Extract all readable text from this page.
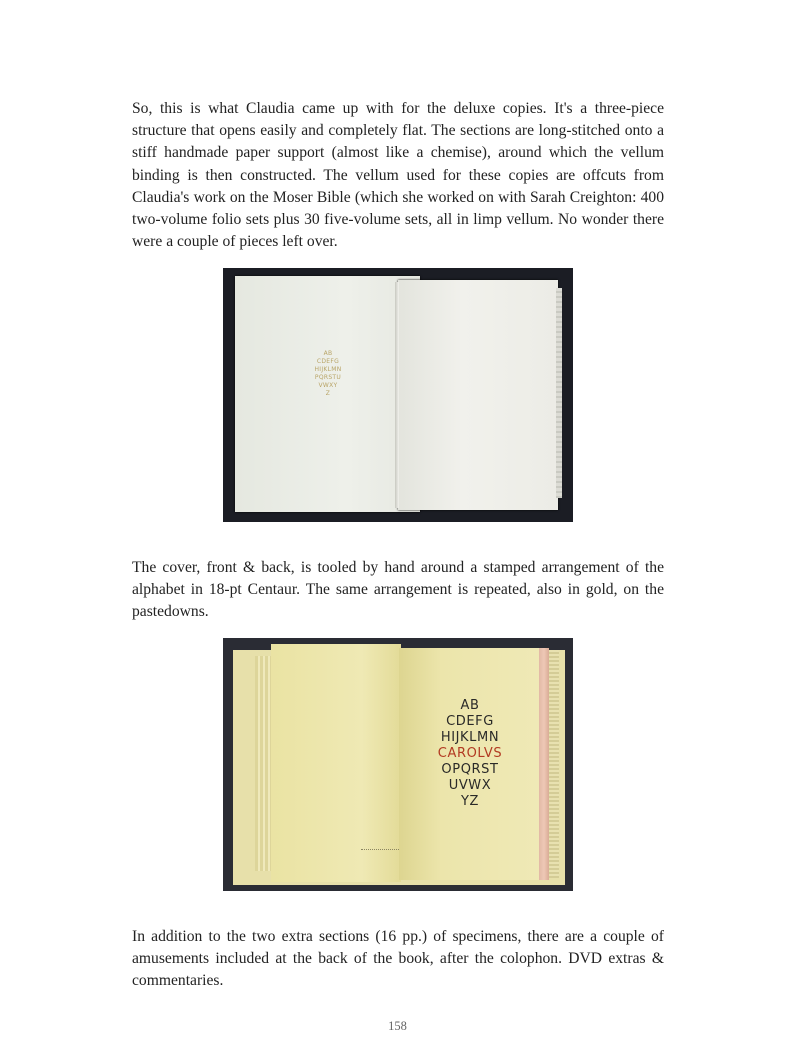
So, this is what Claudia came up with for the deluxe copies. It's a three-piece structure that opens easily and completely flat. The sections are long-stitched onto a stiff handmade paper support (almost like a chemise), around which the vellum binding is then constructed. The vellum used for these copies are offcuts from Claudia's work on the Moser Bible (which she worked on with Sarah Creighton: 400 two-volume folio sets plus 30 five-volume sets, all in limp vellum. No wonder there were a couple of pieces left over.

AB
CDEFG
HIJKLMN
PQRSTU
VWXY
Z

The cover, front & back, is tooled by hand around a stamped arrangement of the alphabet in 18-pt Centaur. The same arrangement is repeated, also in gold, on the pastedowns.

AB
CDEFG
HIJKLMN
CAROLVS
OPQRST
UVWX
YZ

In addition to the two extra sections (16 pp.) of specimens, there are a couple of amusements included at the back of the book, after the colophon. DVD extras & commentaries.

158
